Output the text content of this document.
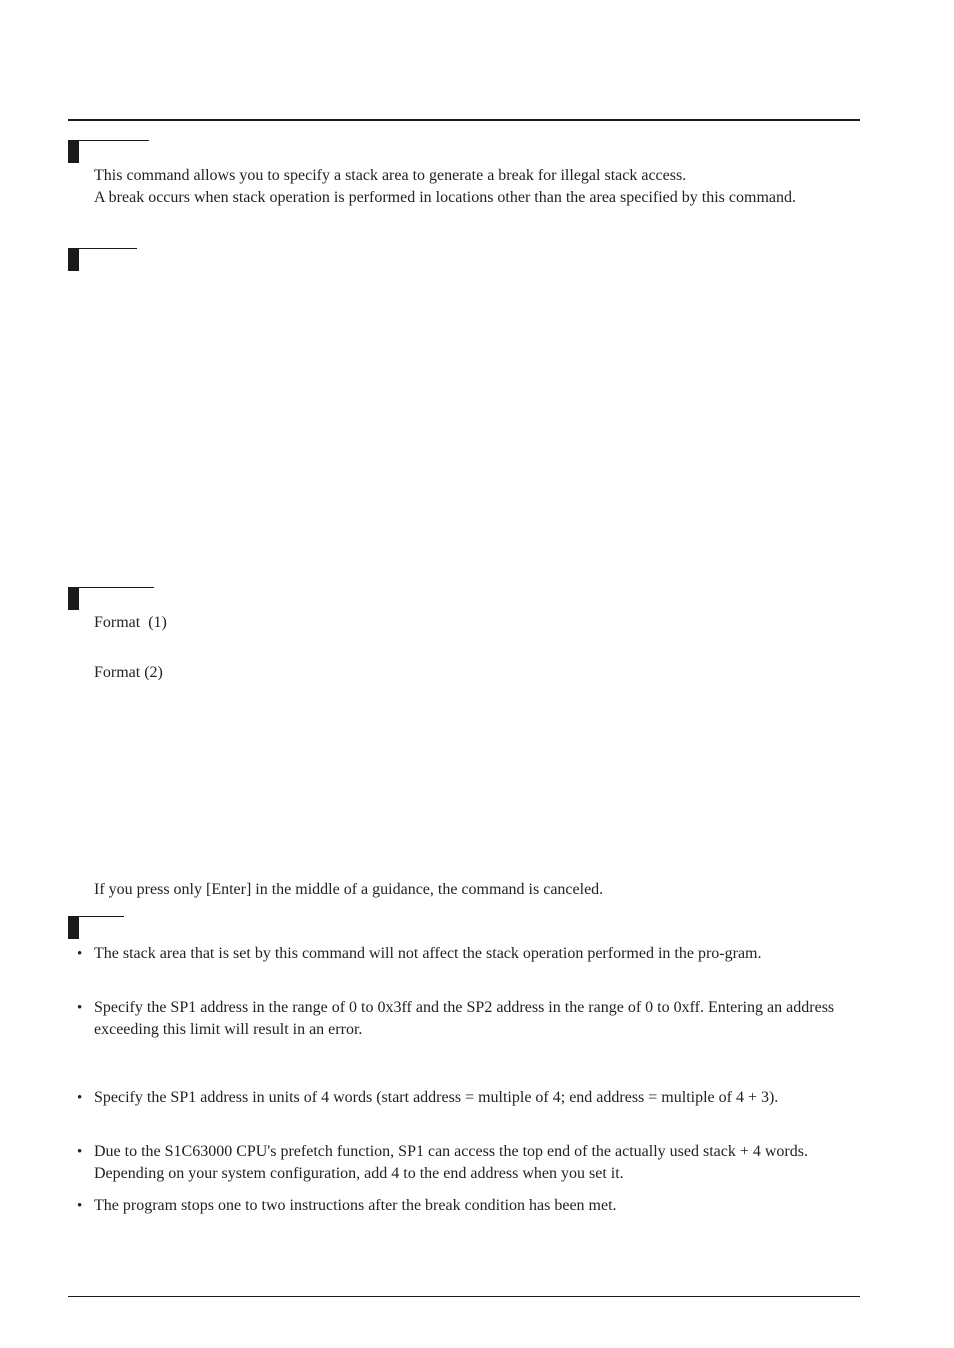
This command allows you to specify a stack area to generate a break for illegal stack access.

A break occurs when stack operation is performed in locations other than the area specified by this command.

Format  (1)

Format (2)

If you press only [Enter] in the middle of a guidance, the command is canceled.

• The stack area that is set by this command will not affect the stack operation performed in the pro-gram.

• Specify the SP1 address in the range of 0 to 0x3ff and the SP2 address in the range of 0 to 0xff. Entering an address exceeding this limit will result in an error.

• Specify the SP1 address in units of 4 words (start address = multiple of 4; end address = multiple of 4 + 3).

• Due to the S1C63000 CPU's prefetch function, SP1 can access the top end of the actually used stack + 4 words. Depending on your system configuration, add 4 to the end address when you set it.

• The program stops one to two instructions after the break condition has been met.
